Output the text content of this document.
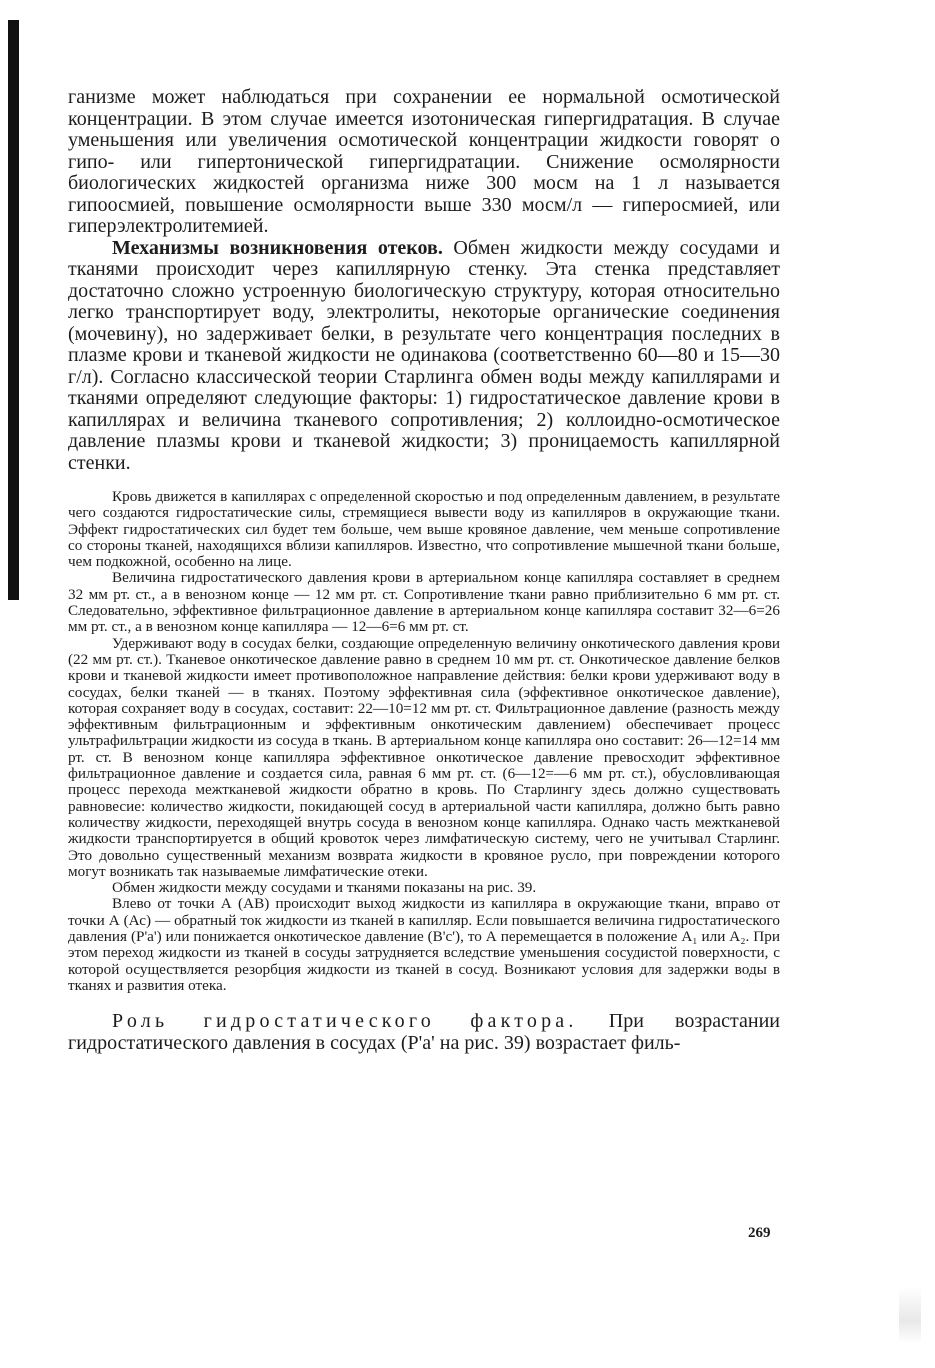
ганизме может наблюдаться при сохранении ее нормальной осмотической концентрации. В этом случае имеется изотоническая гипергидратация. В случае уменьшения или увеличения осмотической концентрации жидкости говорят о гипо- или гипертонической гипергидратации. Снижение осмолярности биологических жидкостей организма ниже 300 мосм на 1 л называется гипоосмией, повышение осмолярности выше 330 мосм/л — гиперосмией, или гиперэлектролитемией.

Механизмы возникновения отеков. Обмен жидкости между сосудами и тканями происходит через капиллярную стенку. Эта стенка представляет достаточно сложно устроенную биологическую структуру, которая относительно легко транспортирует воду, электролиты, некоторые органические соединения (мочевину), но задерживает белки, в результате чего концентрация последних в плазме крови и тканевой жидкости не одинакова (соответственно 60—80 и 15—30 г/л). Согласно классической теории Старлинга обмен воды между капиллярами и тканями определяют следующие факторы: 1) гидростатическое давление крови в капиллярах и величина тканевого сопротивления; 2) коллоидно-осмотическое давление плазмы крови и тканевой жидкости; 3) проницаемость капиллярной стенки.

Кровь движется в капиллярах с определенной скоростью и под определенным давлением, в результате чего создаются гидростатические силы, стремящиеся вывести воду из капилляров в окружающие ткани. Эффект гидростатических сил будет тем больше, чем выше кровяное давление, чем меньше сопротивление со стороны тканей, находящихся вблизи капилляров. Известно, что сопротивление мышечной ткани больше, чем подкожной, особенно на лице.

Величина гидростатического давления крови в артериальном конце капилляра составляет в среднем 32 мм рт. ст., а в венозном конце — 12 мм рт. ст. Сопротивление ткани равно приблизительно 6 мм рт. ст. Следовательно, эффективное фильтрационное давление в артериальном конце капилляра составит 32—6=26 мм рт. ст., а в венозном конце капилляра — 12—6=6 мм рт. ст.

Удерживают воду в сосудах белки, создающие определенную величину онкотического давления крови (22 мм рт. ст.). Тканевое онкотическое давление равно в среднем 10 мм рт. ст. Онкотическое давление белков крови и тканевой жидкости имеет противоположное направление действия: белки крови удерживают воду в сосудах, белки тканей — в тканях. Поэтому эффективная сила (эффективное онкотическое давление), которая сохраняет воду в сосудах, составит: 22—10=12 мм рт. ст. Фильтрационное давление (разность между эффективным фильтрационным и эффективным онкотическим давлением) обеспечивает процесс ультрафильтрации жидкости из сосуда в ткань. В артериальном конце капилляра оно составит: 26—12=14 мм рт. ст. В венозном конце капилляра эффективное онкотическое давление превосходит эффективное фильтрационное давление и создается сила, равная 6 мм рт. ст. (6—12=—6 мм рт. ст.), обусловливающая процесс перехода межтканевой жидкости обратно в кровь. По Старлингу здесь должно существовать равновесие: количество жидкости, покидающей сосуд в артериальной части капилляра, должно быть равно количеству жидкости, переходящей внутрь сосуда в венозном конце капилляра. Однако часть межтканевой жидкости транспортируется в общий кровоток через лимфатическую систему, чего не учитывал Старлинг. Это довольно существенный механизм возврата жидкости в кровяное русло, при повреждении которого могут возникать так называемые лимфатические отеки.

Обмен жидкости между сосудами и тканями показаны на рис. 39.

Влево от точки А (АВ) происходит выход жидкости из капилляра в окружающие ткани, вправо от точки А (Ас) — обратный ток жидкости из тканей в капилляр. Если повышается величина гидростатического давления (P'a') или понижается онкотическое давление (B'c'), то А перемещается в положение А₁ или А₂. При этом переход жидкости из тканей в сосуды затрудняется вследствие уменьшения сосудистой поверхности, с которой осуществляется резорбция жидкости из тканей в сосуд. Возникают условия для задержки воды в тканях и развития отека.

Роль гидростатического фактора. При возрастании гидростатического давления в сосудах (P'a' на рис. 39) возрастает филь-

269
